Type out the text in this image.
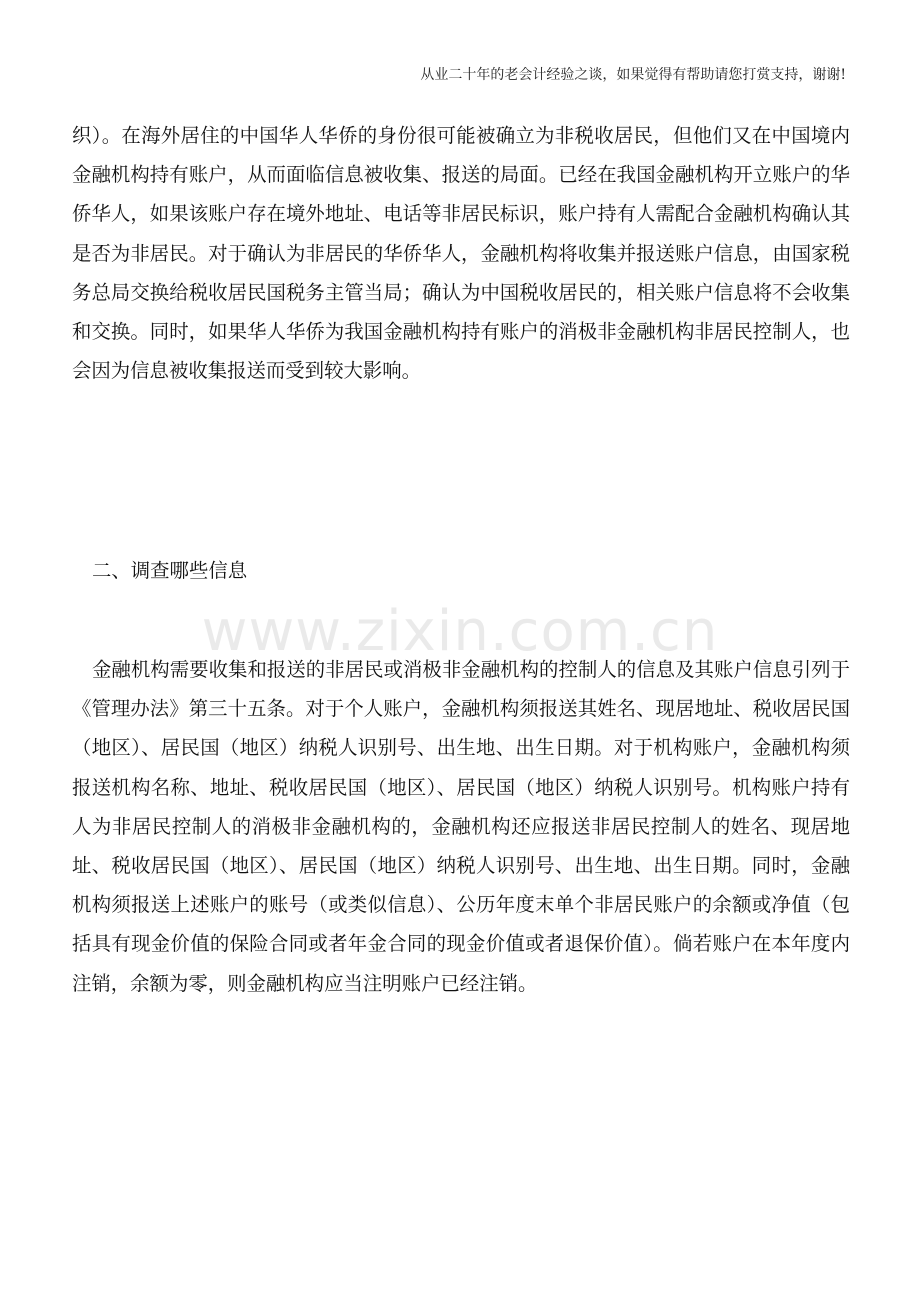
从业二十年的老会计经验之谈，如果觉得有帮助请您打赏支持，谢谢!

织）。在海外居住的中国华人华侨的身份很可能被确立为非税收居民，但他们又在中国境内金融机构持有账户，从而面临信息被收集、报送的局面。已经在我国金融机构开立账户的华侨华人，如果该账户存在境外地址、电话等非居民标识，账户持有人需配合金融机构确认其是否为非居民。对于确认为非居民的华侨华人，金融机构将收集并报送账户信息，由国家税务总局交换给税收居民国税务主管当局；确认为中国税收居民的，相关账户信息将不会收集和交换。同时，如果华人华侨为我国金融机构持有账户的消极非金融机构非居民控制人，也会因为信息被收集报送而受到较大影响。

二、调查哪些信息
www.zixin.com.cn

金融机构需要收集和报送的非居民或消极非金融机构的控制人的信息及其账户信息引列于《管理办法》第三十五条。对于个人账户，金融机构须报送其姓名、现居地址、税收居民国（地区）、居民国（地区）纳税人识别号、出生地、出生日期。对于机构账户，金融机构须报送机构名称、地址、税收居民国（地区）、居民国（地区）纳税人识别号。机构账户持有人为非居民控制人的消极非金融机构的，金融机构还应报送非居民控制人的姓名、现居地址、税收居民国（地区）、居民国（地区）纳税人识别号、出生地、出生日期。同时，金融机构须报送上述账户的账号（或类似信息）、公历年度末单个非居民账户的余额或净值（包括具有现金价值的保险合同或者年金合同的现金价值或者退保价值）。倘若账户在本年度内注销，余额为零，则金融机构应当注明账户已经注销。
